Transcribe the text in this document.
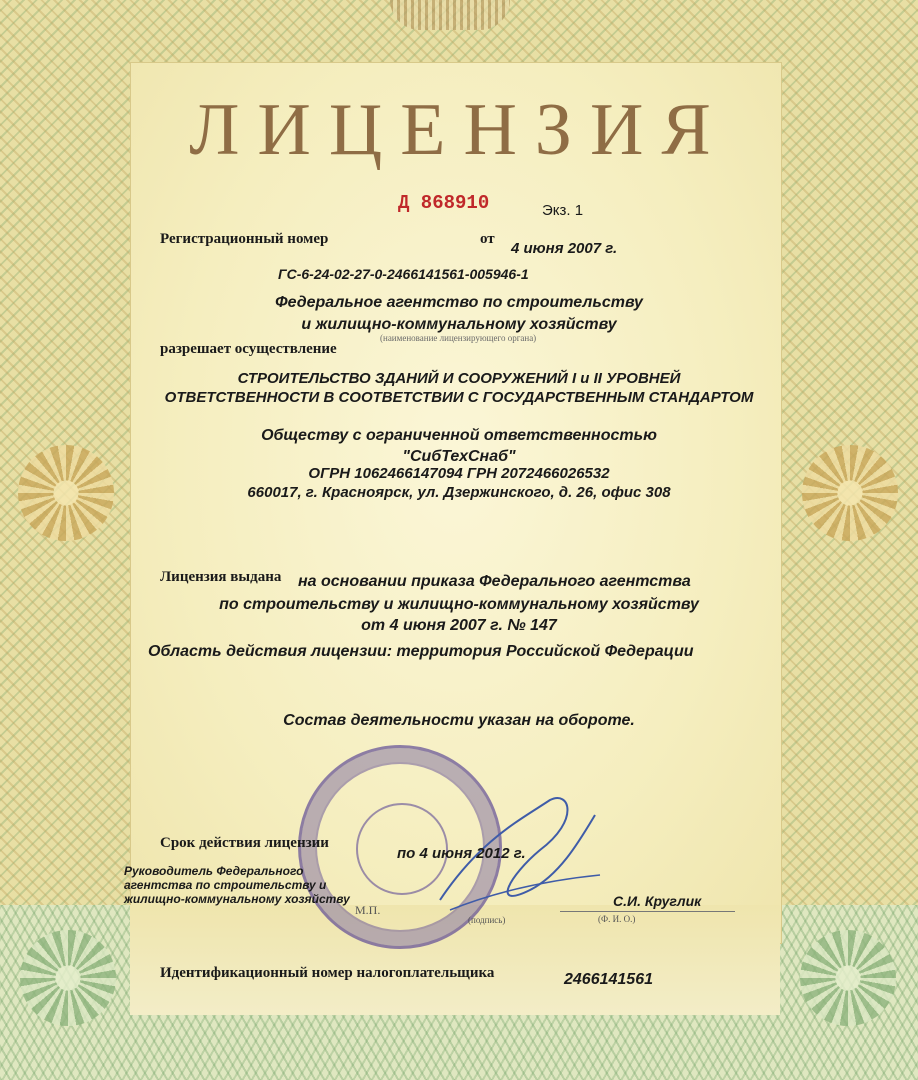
ЛИЦЕНЗИЯ
Д 868910	Экз. 1
Регистрационный номер	от
4 июня 2007 г.
ГС-6-24-02-27-0-2466141561-005946-1
Федеральное агентство по строительству
и жилищно-коммунальному хозяйству
(наименование лицензирующего органа)
разрешает осуществление
СТРОИТЕЛЬСТВО ЗДАНИЙ И СООРУЖЕНИЙ I и II УРОВНЕЙ
ОТВЕТСТВЕННОСТИ В СООТВЕТСТВИИ С ГОСУДАРСТВЕННЫМ СТАНДАРТОМ
Обществу с ограниченной ответственностью
"СибТехСнаб"
ОГРН 1062466147094 ГРН 2072466026532
660017, г. Красноярск, ул. Дзержинского, д. 26, офис 308
Лицензия выдана на основании приказа Федерального агентства
по строительству и жилищно-коммунальному хозяйству
от 4 июня 2007 г. № 147
Область действия лицензии: территория Российской Федерации
Состав деятельности указан на обороте.
Срок действия лицензии
по 4 июня 2012 г.
Руководитель Федерального
агентства по строительству и
жилищно-коммунальному хозяйству
М.П.
(подпись)
С.И. Круглик
(Ф. И. О.)
Идентификационный номер налогоплательщика	2466141561
